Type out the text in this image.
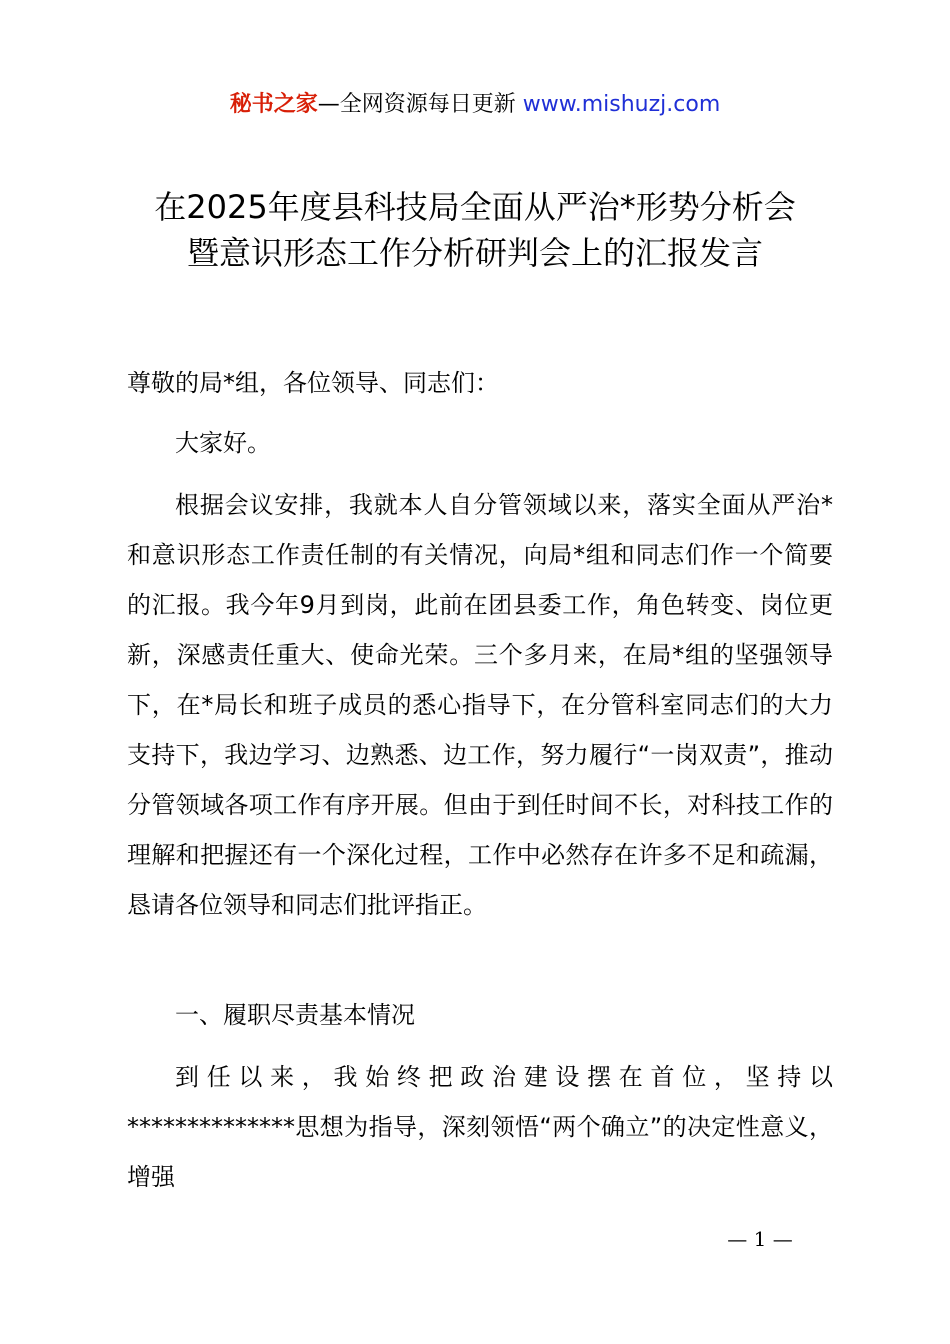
秘书之家—全网资源每日更新 www.mishuzj.com
在2025年度县科技局全面从严治*形势分析会
暨意识形态工作分析研判会上的汇报发言
尊敬的局*组，各位领导、同志们：
大家好。
根据会议安排，我就本人自分管领域以来，落实全面从严治*和意识形态工作责任制的有关情况，向局*组和同志们作一个简要的汇报。我今年9月到岗，此前在团县委工作，角色转变、岗位更新，深感责任重大、使命光荣。三个多月来，在局*组的坚强领导下，在*局长和班子成员的悉心指导下，在分管科室同志们的大力支持下，我边学习、边熟悉、边工作，努力履行“一岗双责”，推动分管领域各项工作有序开展。但由于到任时间不长，对科技工作的理解和把握还有一个深化过程，工作中必然存在许多不足和疏漏，恳请各位领导和同志们批评指正。
一、履职尽责基本情况
到任以来，我始终把政治建设摆在首位，坚持以**************思想为指导，深刻领悟“两个确立”的决定性意义，增强
— 1 —
